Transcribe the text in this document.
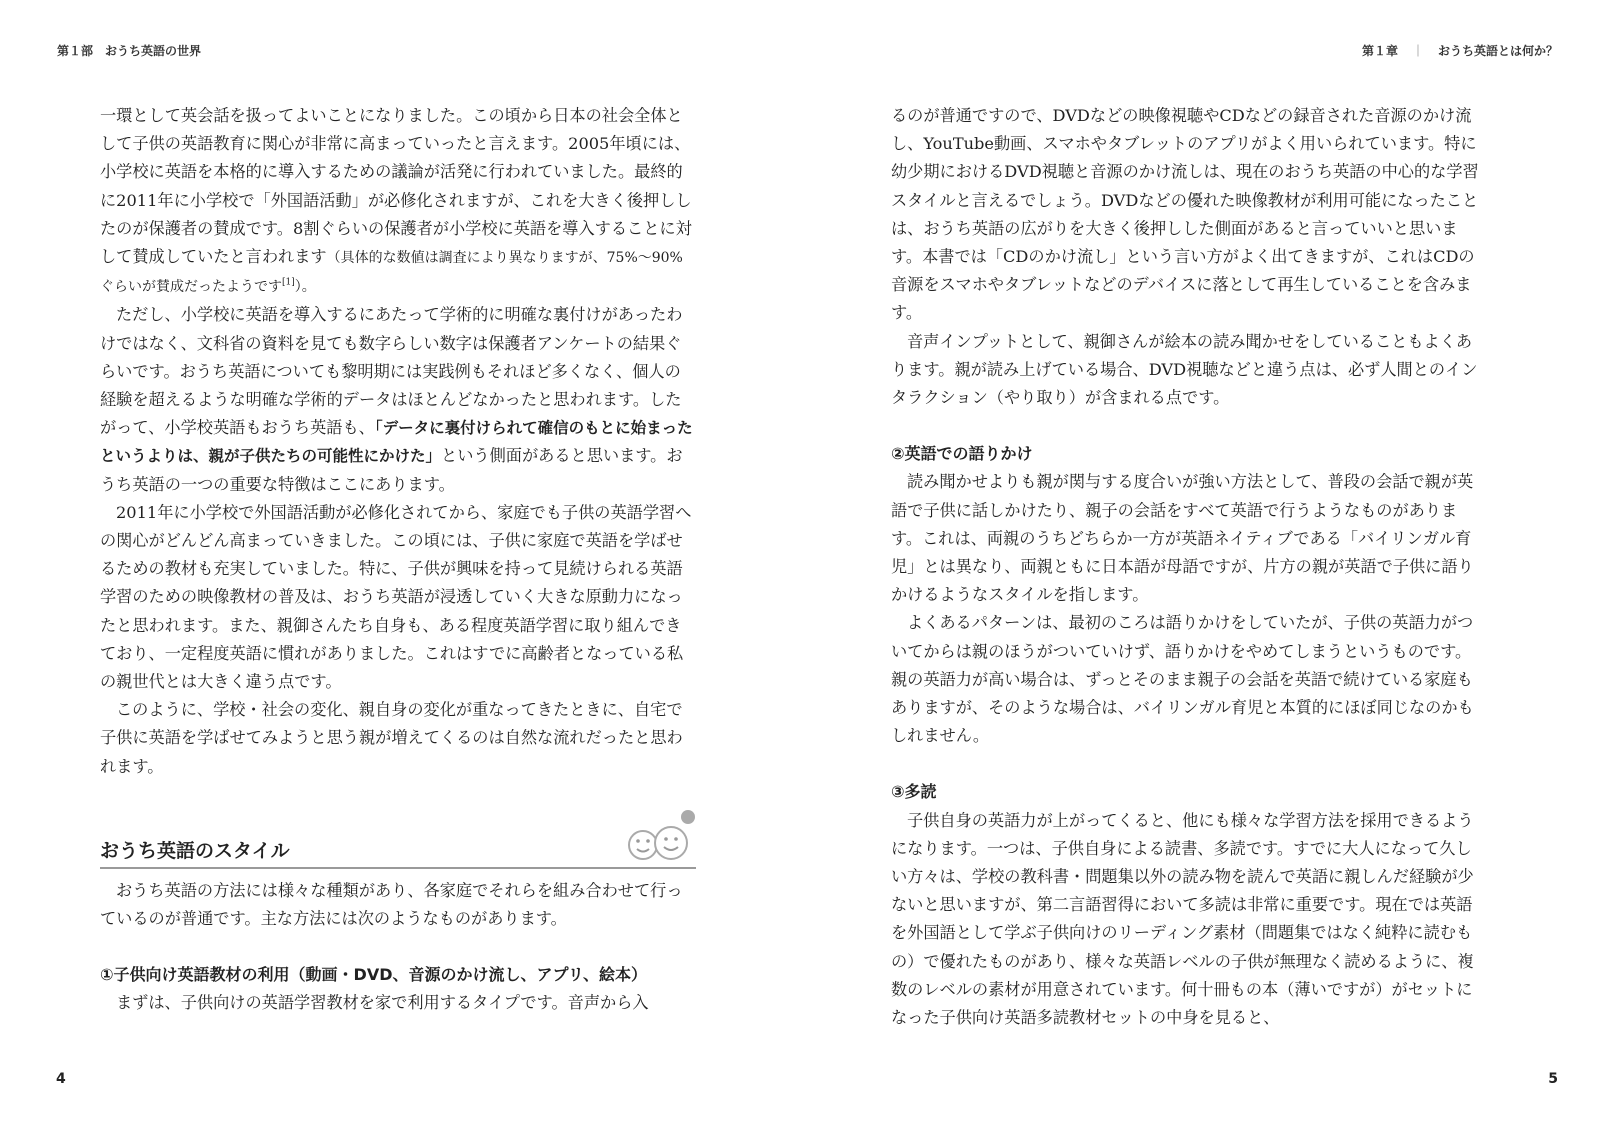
第１部　おうち英語の世界

一環として英会話を扱ってよいことになりました。この頃から日本の社会全体として子供の英語教育に関心が非常に高まっていったと言えます。2005年頃には、小学校に英語を本格的に導入するための議論が活発に行われていました。最終的に2011年に小学校で「外国語活動」が必修化されますが、これを大きく後押ししたのが保護者の賛成です。8割ぐらいの保護者が小学校に英語を導入することに対して賛成していたと言われます（具体的な数値は調査により異なりますが、75%〜90%ぐらいが賛成だったようです[1]）。

ただし、小学校に英語を導入するにあたって学術的に明確な裏付けがあったわけではなく、文科省の資料を見ても数字らしい数字は保護者アンケートの結果ぐらいです。おうち英語についても黎明期には実践例もそれほど多くなく、個人の経験を超えるような明確な学術的データはほとんどなかったと思われます。したがって、小学校英語もおうち英語も、「データに裏付けられて確信のもとに始まったというよりは、親が子供たちの可能性にかけた」という側面があると思います。おうち英語の一つの重要な特徴はここにあります。

2011年に小学校で外国語活動が必修化されてから、家庭でも子供の英語学習への関心がどんどん高まっていきました。この頃には、子供に家庭で英語を学ばせるための教材も充実していました。特に、子供が興味を持って見続けられる英語学習のための映像教材の普及は、おうち英語が浸透していく大きな原動力になったと思われます。また、親御さんたち自身も、ある程度英語学習に取り組んできており、一定程度英語に慣れがありました。これはすでに高齢者となっている私の親世代とは大きく違う点です。

このように、学校・社会の変化、親自身の変化が重なってきたときに、自宅で子供に英語を学ばせてみようと思う親が増えてくるのは自然な流れだったと思われます。

おうち英語のスタイル

おうち英語の方法には様々な種類があり、各家庭でそれらを組み合わせて行っているのが普通です。主な方法には次のようなものがあります。

①子供向け英語教材の利用（動画・DVD、音源のかけ流し、アプリ、絵本）

まずは、子供向けの英語学習教材を家で利用するタイプです。音声から入

4
第１章 ｜ おうち英語とは何か？

るのが普通ですので、DVDなどの映像視聴やCDなどの録音された音源のかけ流し、YouTube動画、スマホやタブレットのアプリがよく用いられています。特に幼少期におけるDVD視聴と音源のかけ流しは、現在のおうち英語の中心的な学習スタイルと言えるでしょう。DVDなどの優れた映像教材が利用可能になったことは、おうち英語の広がりを大きく後押しした側面があると言っていいと思います。本書では「CDのかけ流し」という言い方がよく出てきますが、これはCDの音源をスマホやタブレットなどのデバイスに落として再生していることを含みます。

音声インプットとして、親御さんが絵本の読み聞かせをしていることもよくあります。親が読み上げている場合、DVD視聴などと違う点は、必ず人間とのインタラクション（やり取り）が含まれる点です。

②英語での語りかけ

読み聞かせよりも親が関与する度合いが強い方法として、普段の会話で親が英語で子供に話しかけたり、親子の会話をすべて英語で行うようなものがあります。これは、両親のうちどちらか一方が英語ネイティブである「バイリンガル育児」とは異なり、両親ともに日本語が母語ですが、片方の親が英語で子供に語りかけるようなスタイルを指します。

よくあるパターンは、最初のころは語りかけをしていたが、子供の英語力がついてからは親のほうがついていけず、語りかけをやめてしまうというものです。親の英語力が高い場合は、ずっとそのまま親子の会話を英語で続けている家庭もありますが、そのような場合は、バイリンガル育児と本質的にほぼ同じなのかもしれません。

③多読

子供自身の英語力が上がってくると、他にも様々な学習方法を採用できるようになります。一つは、子供自身による読書、多読です。すでに大人になって久しい方々は、学校の教科書・問題集以外の読み物を読んで英語に親しんだ経験が少ないと思いますが、第二言語習得において多読は非常に重要です。現在では英語を外国語として学ぶ子供向けのリーディング素材（問題集ではなく純粋に読むもの）で優れたものがあり、様々な英語レベルの子供が無理なく読めるように、複数のレベルの素材が用意されています。何十冊もの本（薄いですが）がセットになった子供向け英語多読教材セットの中身を見ると、

5
